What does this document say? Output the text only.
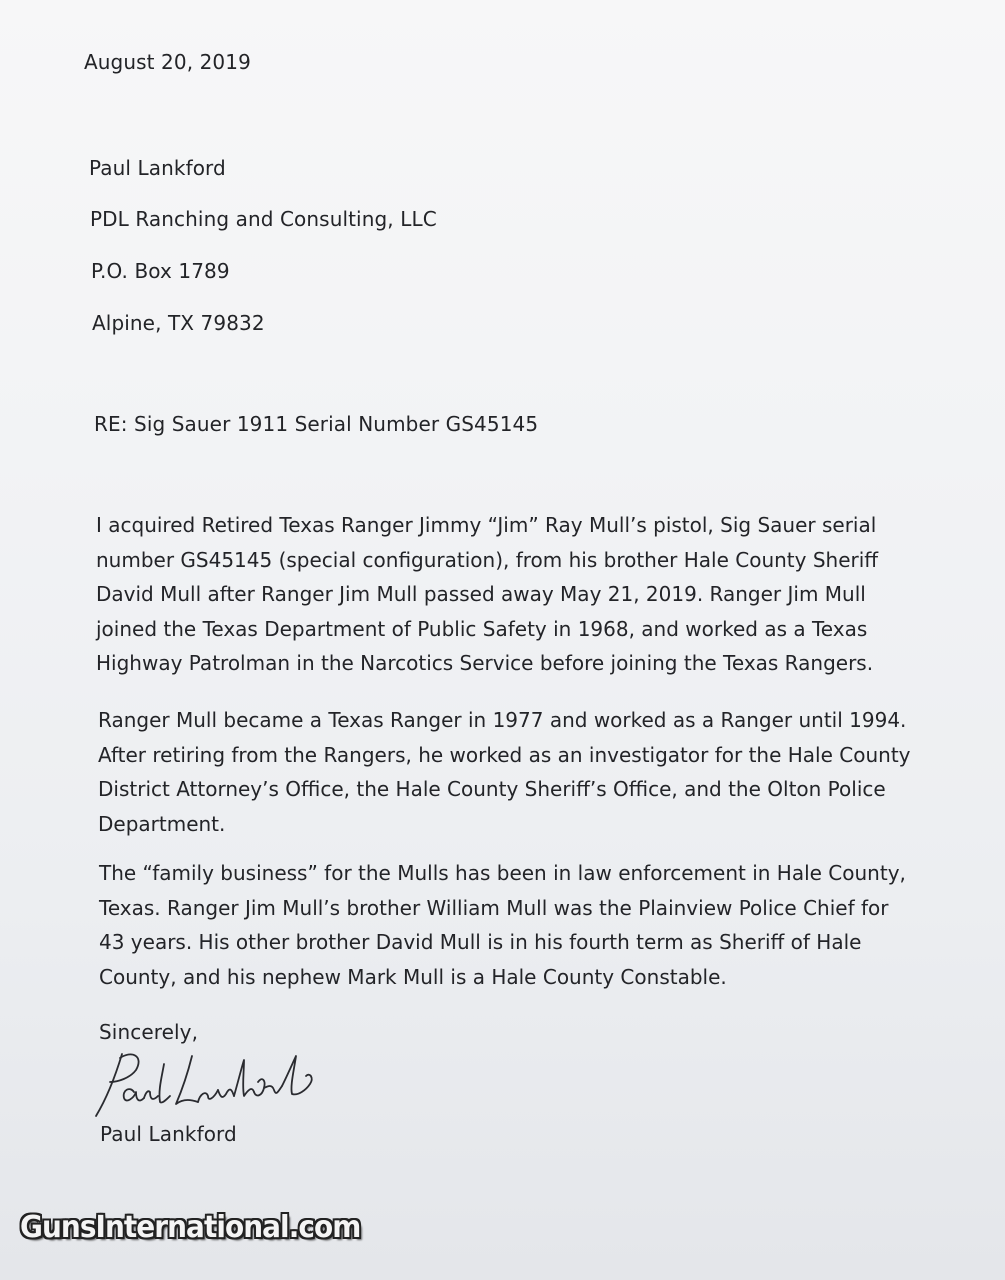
August 20, 2019
Paul Lankford
PDL Ranching and Consulting, LLC
P.O. Box 1789
Alpine, TX 79832
RE: Sig Sauer 1911 Serial Number GS45145

I acquired Retired Texas Ranger Jimmy “Jim” Ray Mull’s pistol, Sig Sauer serial

number GS45145 (special configuration), from his brother Hale County Sheriff

David Mull after Ranger Jim Mull passed away May 21, 2019. Ranger Jim Mull

joined the Texas Department of Public Safety in 1968, and worked as a Texas

Highway Patrolman in the Narcotics Service before joining the Texas Rangers.

Ranger Mull became a Texas Ranger in 1977 and worked as a Ranger until 1994.

After retiring from the Rangers, he worked as an investigator for the Hale County

District Attorney’s Office, the Hale County Sheriff’s Office, and the Olton Police

Department.

The “family business” for the Mulls has been in law enforcement in Hale County,

Texas. Ranger Jim Mull’s brother William Mull was the Plainview Police Chief for

43 years. His other brother David Mull is in his fourth term as Sheriff of Hale

County, and his nephew Mark Mull is a Hale County Constable.

Sincerely,
Paul Lankford
GunsInternational.com
